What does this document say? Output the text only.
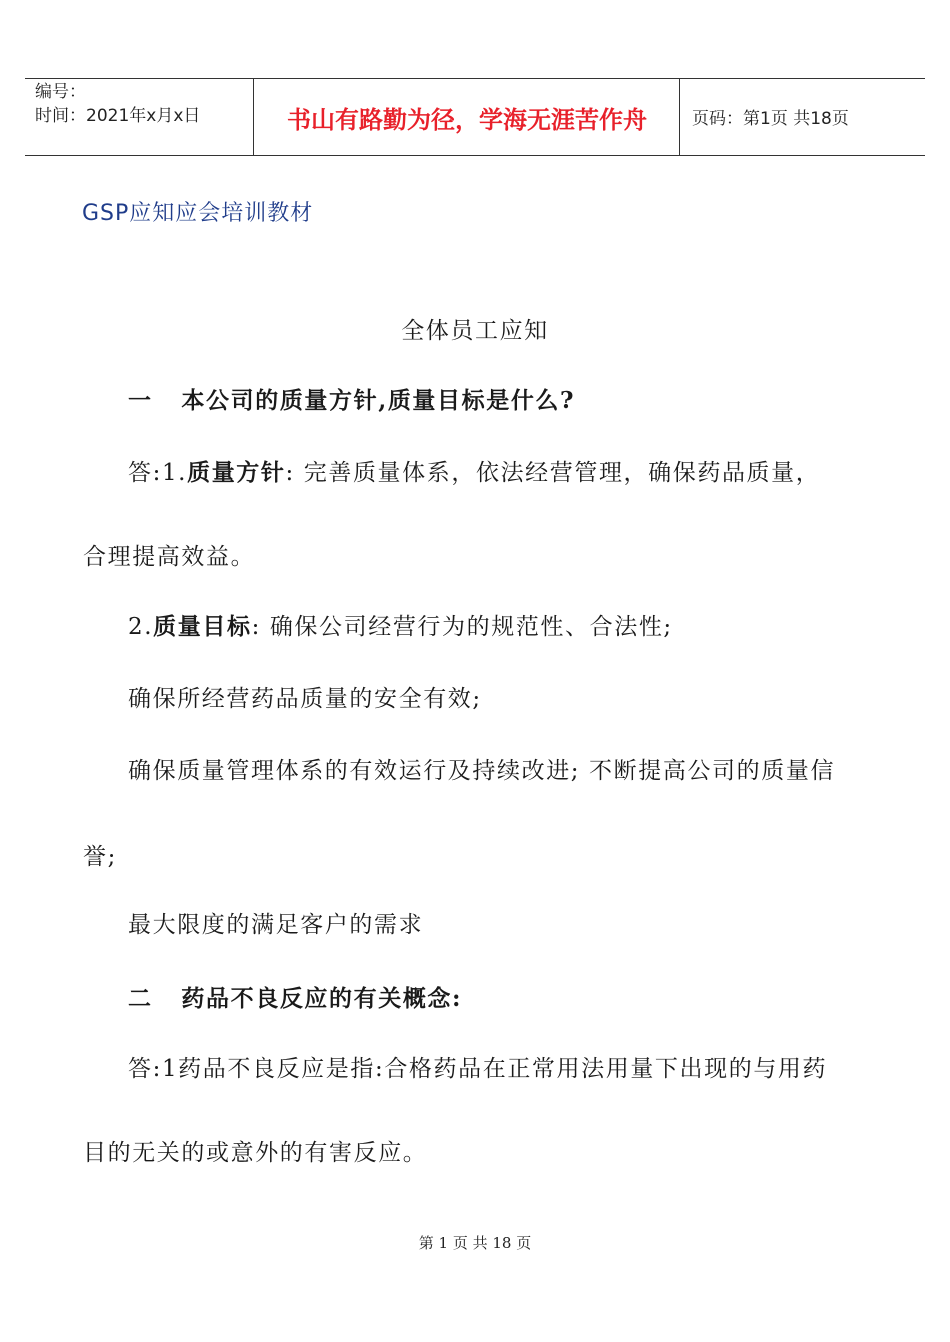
编号：
时间：2021年x月x日	书山有路勤为径，学海无涯苦作舟	页码：第1页 共18页
GSP应知应会培训教材
全体员工应知
一   本公司的质量方针,质量目标是什么?
答:1.质量方针: 完善质量体系，依法经营管理，确保药品质量，
合理提高效益。
2.质量目标: 确保公司经营行为的规范性、合法性;
确保所经营药品质量的安全有效;
确保质量管理体系的有效运行及持续改进; 不断提高公司的质量信
誉;
最大限度的满足客户的需求
二   药品不良反应的有关概念:
答:1药品不良反应是指:合格药品在正常用法用量下出现的与用药
目的无关的或意外的有害反应。
第 1 页 共 18 页
